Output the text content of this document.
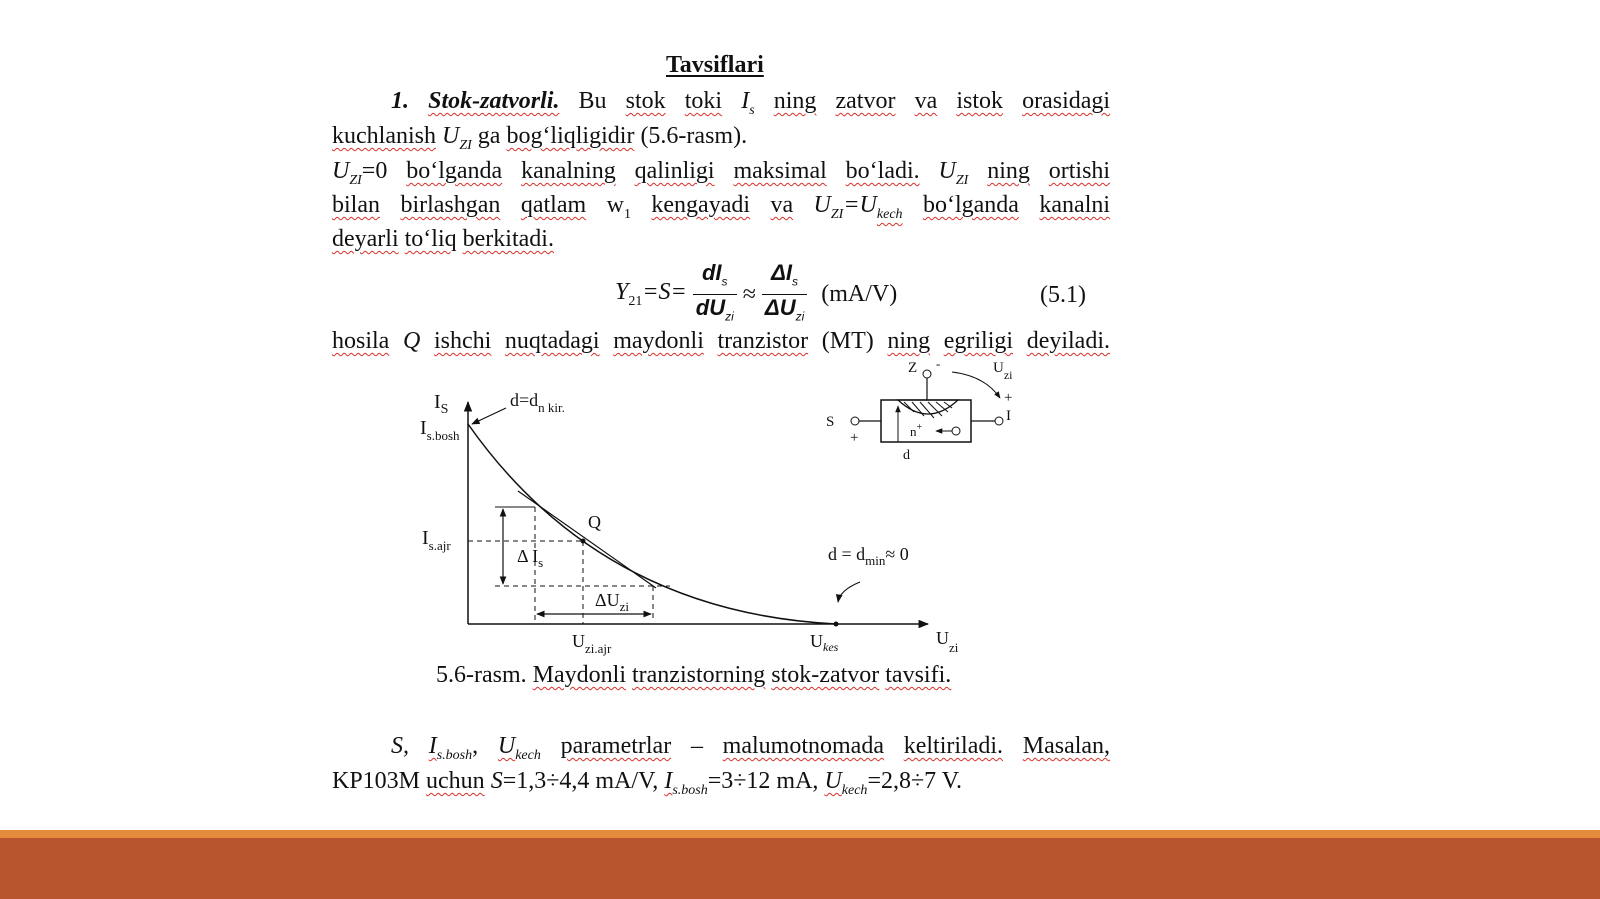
Tavsiflari
1. Stok-zatvorli. Bu stok toki $I_s$ ning zatvor va istok orasidagi
kuchlanish $U_{ZI}$ ga bog‘liqligidir (5.6-rasm).
$U_{ZI}=0$ bo‘lganda kanalning qalinligi maksimal bo‘ladi. $U_{ZI}$ ning ortishi
bilan birlashgan qatlam $w_1$ kengayadi va $U_{ZI}=U_{kech}$ bo‘lganda kanalni
deyarli to‘liq berkitadi.
$Y_{21}=S= \frac{dI_s}{dU_{zi}} \approx \frac{\Delta I_s}{\Delta U_{zi}} (mA/V)$	(5.1)
hosila Q ishchi nuqtadagi maydonli tranzistor (MT) ning egriligi deyiladi.
$I_S$
$I_{s.bosh}$
$I_{s.ajr}$
$d=d_{n kir.}$
Q
Δ $I_s$
$\Delta U_{zi}$
$d = d_{min}\approx 0$
$U_{zi.ajr}$	$U_{kes}$	$U_{zi}$
Z -	$U_{zi}$
+
S
+
I
n+
d
5.6-rasm. Maydonli tranzistorning stok-zatvor tavsifi.
S, $I_{s.bosh}$, $U_{kech}$ parametrlar – malumotnomada keltiriladi. Masalan,
KP103M uchun S=1,3÷4,4 mA/V, $I_{s.bosh}=3\div 12$ mA, $U_{kech}=2,8\div 7$ V.
